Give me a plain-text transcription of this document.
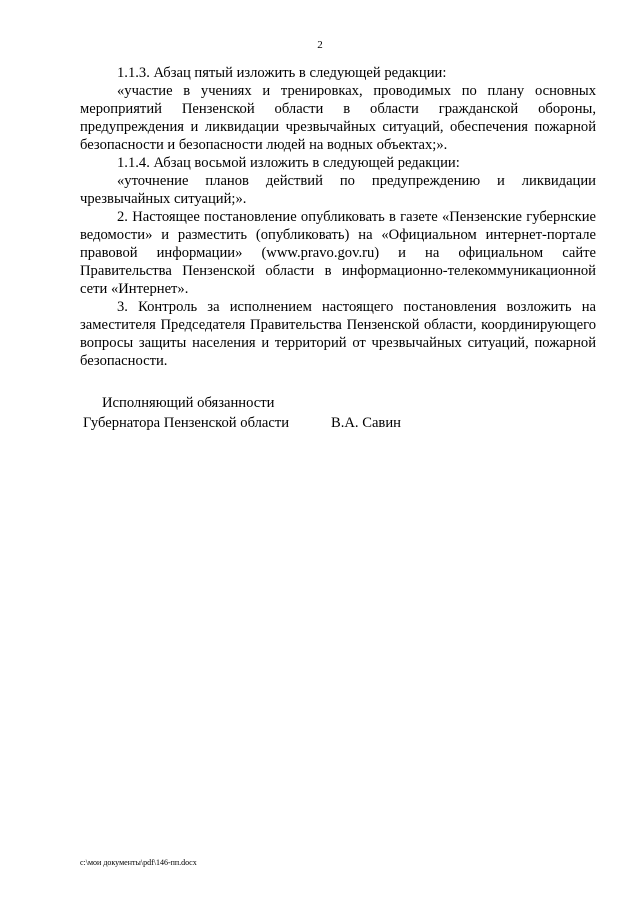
2

1.1.3. Абзац пятый изложить в следующей редакции:

«участие в учениях и тренировках, проводимых по плану основных мероприятий Пензенской области в области гражданской обороны, предупреждения и ликвидации чрезвычайных ситуаций, обеспечения пожарной безопасности и безопасности людей на водных объектах;».

1.1.4. Абзац восьмой изложить в следующей редакции:

«уточнение планов действий по предупреждению и ликвидации чрезвычайных ситуаций;».

2. Настоящее постановление опубликовать в газете «Пензенские губернские ведомости» и разместить (опубликовать) на «Официальном интернет-портале правовой информации» (www.pravo.gov.ru) и на официальном сайте Правительства Пензенской области в информационно-телекоммуникационной сети «Интернет».

3. Контроль за исполнением настоящего постановления возложить на заместителя Председателя Правительства Пензенской области, координирующего вопросы защиты населения и территорий от чрезвычайных ситуаций, пожарной безопасности.

Исполняющий обязанности
Губернатора Пензенской области	В.А. Савин
c:\мои документы\pdf\146-пп.docx
